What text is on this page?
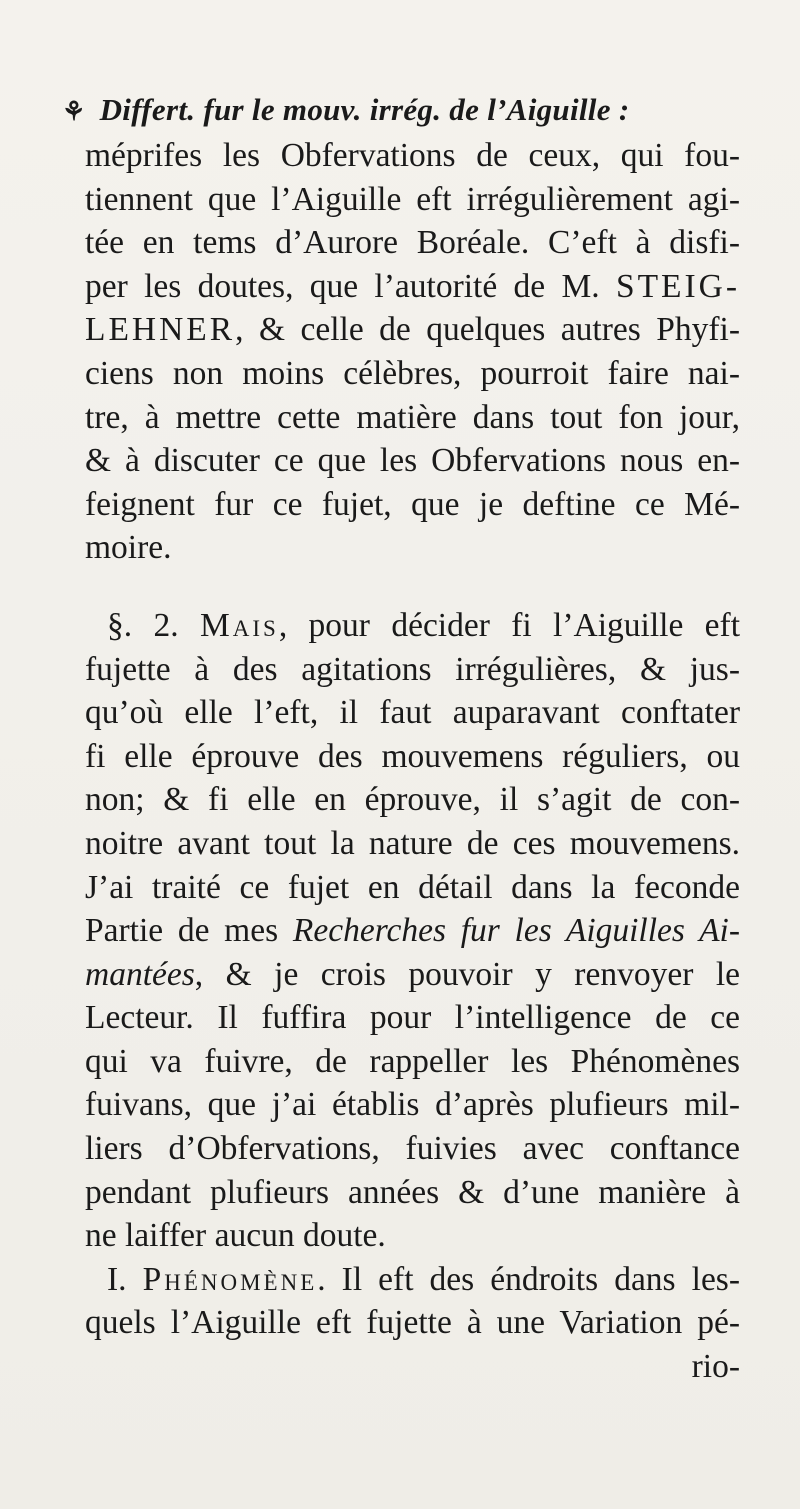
⚘ Differt. fur le mouv. irrég. de l’Aiguille :
méprifes les Obfervations de ceux, qui fou-
tiennent que l’Aiguille eft irrégulièrement agi-
tée en tems d’Aurore Boréale. C’eft à disfi-
per les doutes, que l’autorité de M. STEIG-
LEHNER, & celle de quelques autres Phyfi-
ciens non moins célèbres, pourroit faire nai-
tre, à mettre cette matière dans tout fon jour,
& à discuter ce que les Obfervations nous en-
feignent fur ce fujet, que je deftine ce Mé-
moire.
§. 2. Mais, pour décider fi l’Aiguille eft
fujette à des agitations irrégulières, & jus-
qu’où elle l’eft, il faut auparavant conftater
fi elle éprouve des mouvemens réguliers, ou
non; & fi elle en éprouve, il s’agit de con-
noitre avant tout la nature de ces mouvemens.
J’ai traité ce fujet en détail dans la feconde
Partie de mes Recherches fur les Aiguilles Ai-
mantées, & je crois pouvoir y renvoyer le
Lecteur. Il fuffira pour l’intelligence de ce
qui va fuivre, de rappeller les Phénomènes
fuivans, que j’ai établis d’après plufieurs mil-
liers d’Obfervations, fuivies avec conftance
pendant plufieurs années & d’une manière à
ne laiffer aucun doute.
I. Phénomène. Il eft des éndroits dans les-
quels l’Aiguille eft fujette à une Variation pé-
rio-
